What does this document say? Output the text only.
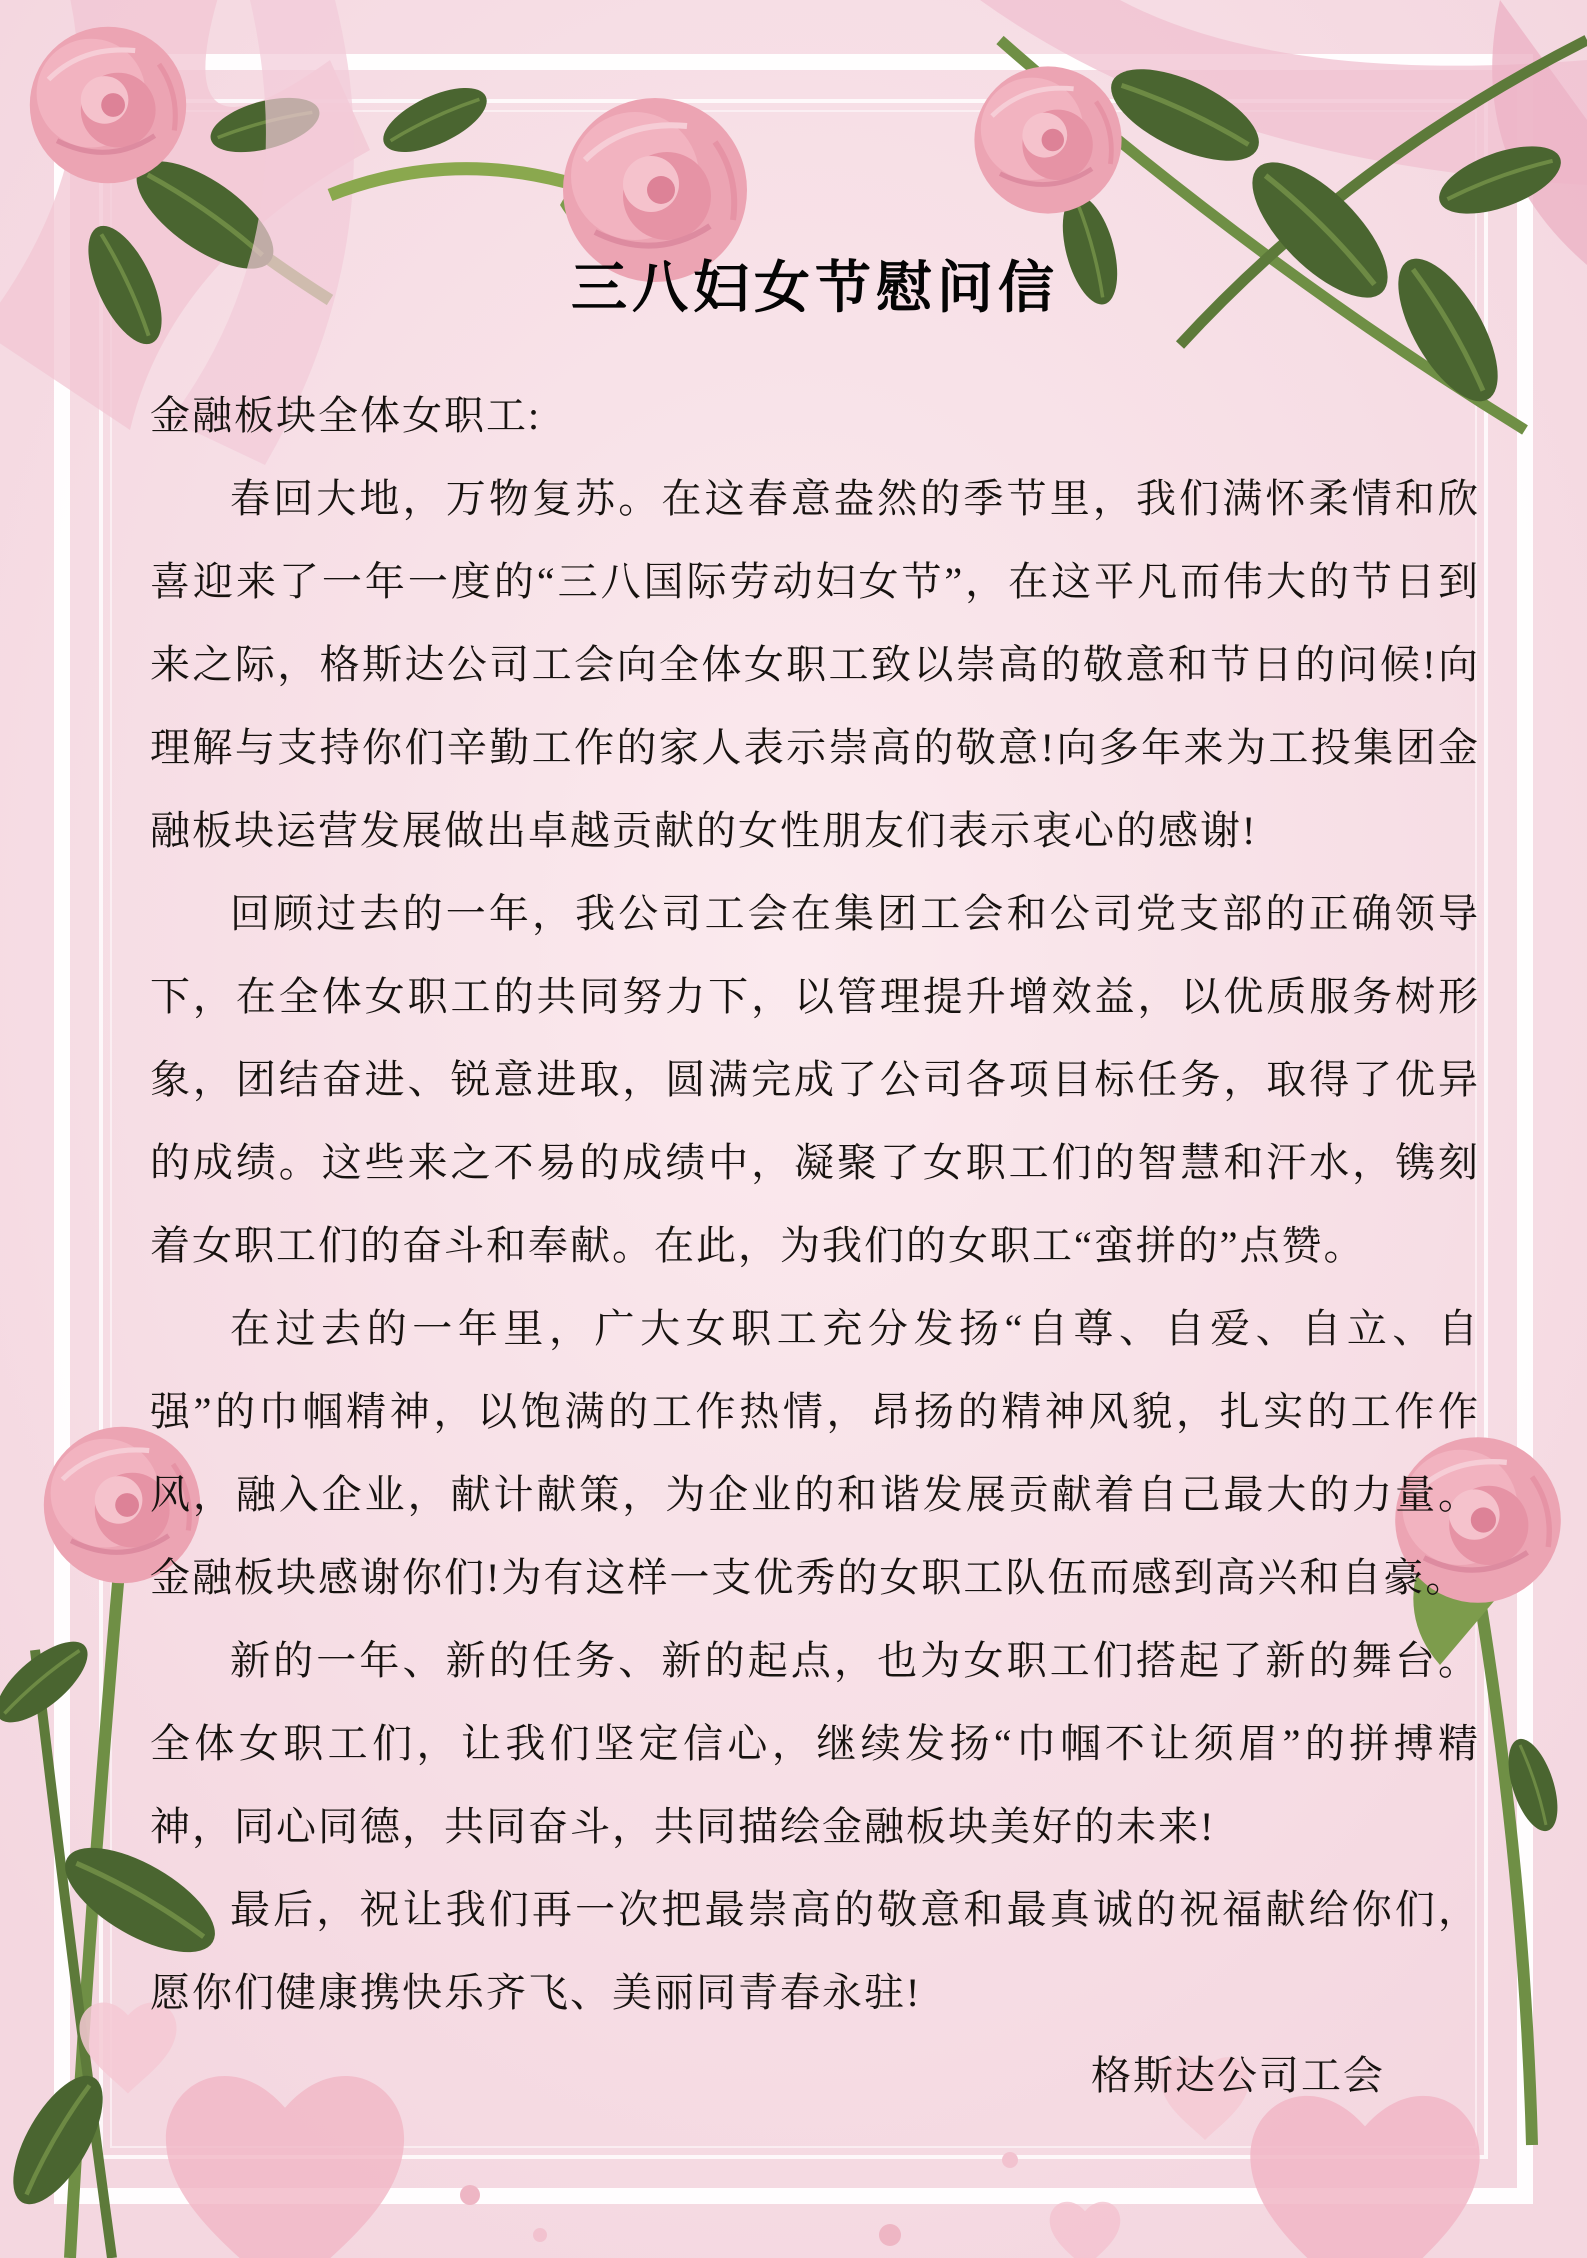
三八妇女节慰问信

金融板块全体女职工:

春回大地，万物复苏。在这春意盎然的季节里，我们满怀柔情和欣喜迎来了一年一度的“三八国际劳动妇女节”，在这平凡而伟大的节日到来之际，格斯达公司工会向全体女职工致以崇高的敬意和节日的问候!向理解与支持你们辛勤工作的家人表示崇高的敬意!向多年来为工投集团金融板块运营发展做出卓越贡献的女性朋友们表示衷心的感谢!

回顾过去的一年，我公司工会在集团工会和公司党支部的正确领导下，在全体女职工的共同努力下，以管理提升增效益，以优质服务树形象，团结奋进、锐意进取，圆满完成了公司各项目标任务，取得了优异的成绩。这些来之不易的成绩中，凝聚了女职工们的智慧和汗水，镌刻着女职工们的奋斗和奉献。在此，为我们的女职工“蛮拼的”点赞。

在过去的一年里，广大女职工充分发扬“自尊、自爱、自立、自强”的巾帼精神，以饱满的工作热情，昂扬的精神风貌，扎实的工作作风，融入企业，献计献策，为企业的和谐发展贡献着自己最大的力量。金融板块感谢你们!为有这样一支优秀的女职工队伍而感到高兴和自豪。

新的一年、新的任务、新的起点，也为女职工们搭起了新的舞台。全体女职工们，让我们坚定信心，继续发扬“巾帼不让须眉”的拼搏精神，同心同德，共同奋斗，共同描绘金融板块美好的未来!

最后，祝让我们再一次把最崇高的敬意和最真诚的祝福献给你们，愿你们健康携快乐齐飞、美丽同青春永驻!

格斯达公司工会
